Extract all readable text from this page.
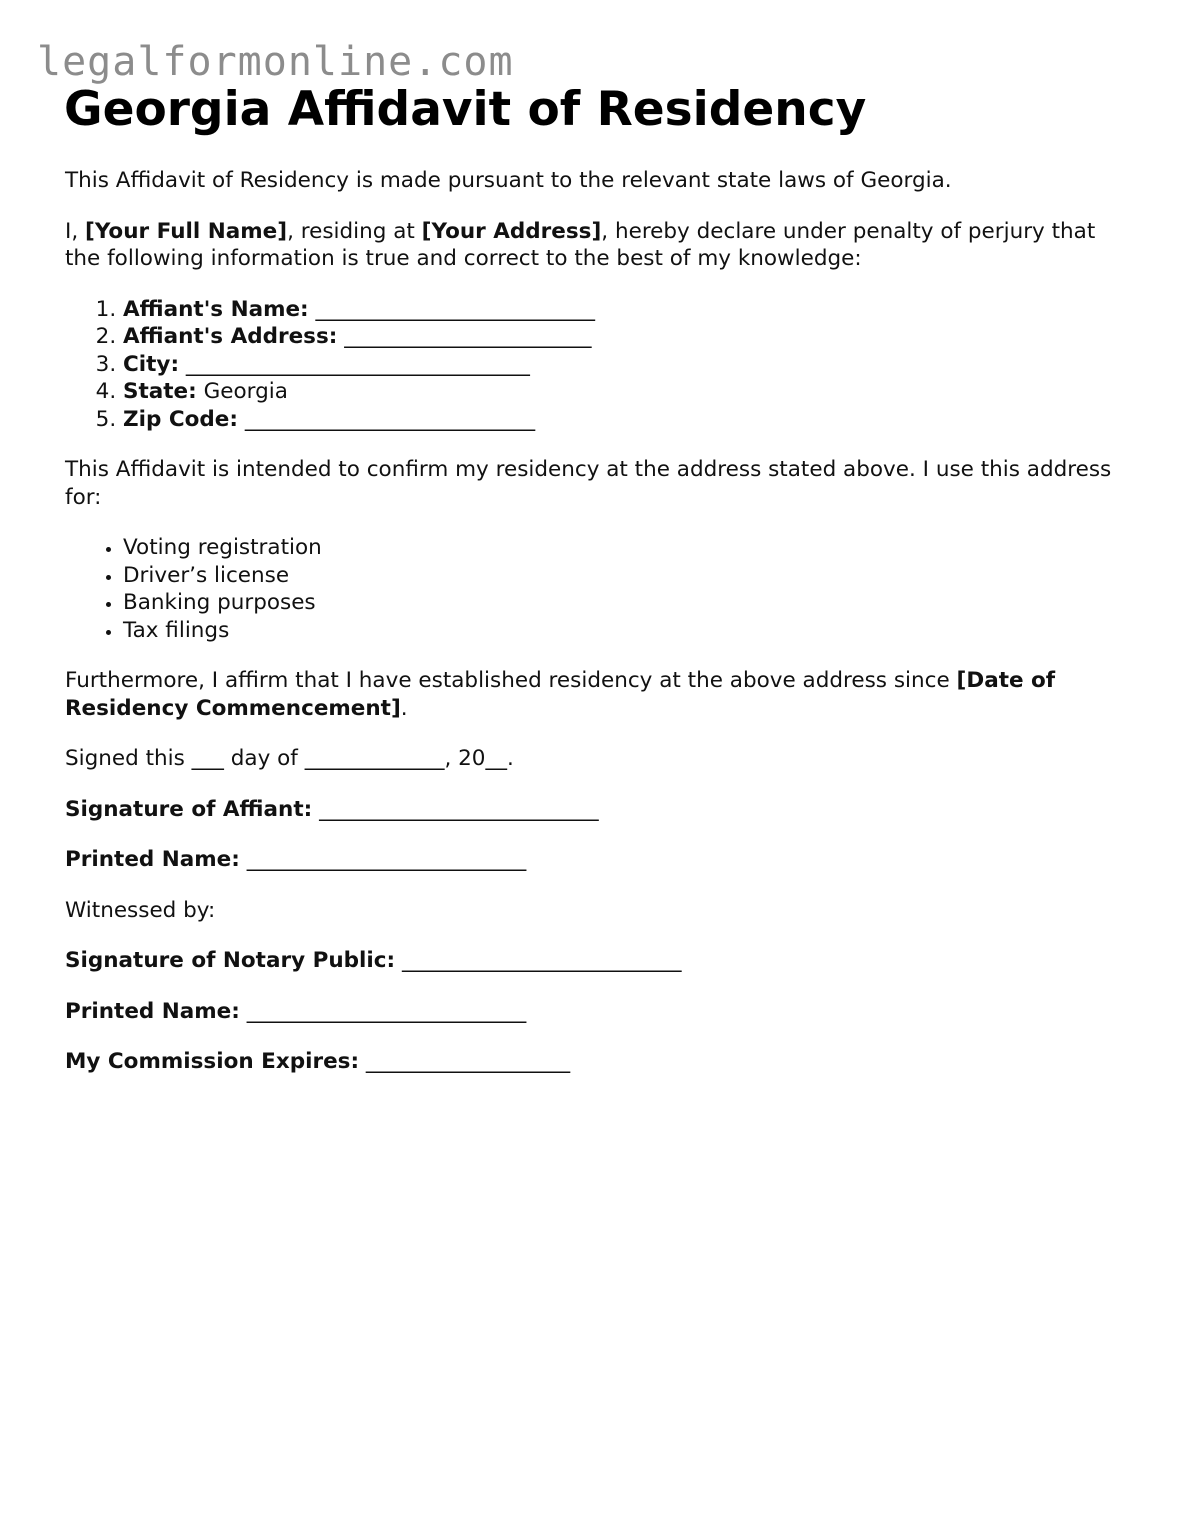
legalformonline.com
Georgia Affidavit of Residency

This Affidavit of Residency is made pursuant to the relevant state laws of Georgia.

I, [Your Full Name], residing at [Your Address], hereby declare under penalty of perjury that the following information is true and correct to the best of my knowledge:

1. Affiant's Name: __________________________
2. Affiant's Address: _______________________
3. City: ________________________________
4. State: Georgia
5. Zip Code: ___________________________

This Affidavit is intended to confirm my residency at the address stated above. I use this address for:

• Voting registration
• Driver’s license
• Banking purposes
• Tax filings

Furthermore, I affirm that I have established residency at the above address since [Date of Residency Commencement].

Signed this ___ day of _____________, 20__.

Signature of Affiant: __________________________

Printed Name: __________________________

Witnessed by:

Signature of Notary Public: __________________________

Printed Name: __________________________

My Commission Expires: ___________________
